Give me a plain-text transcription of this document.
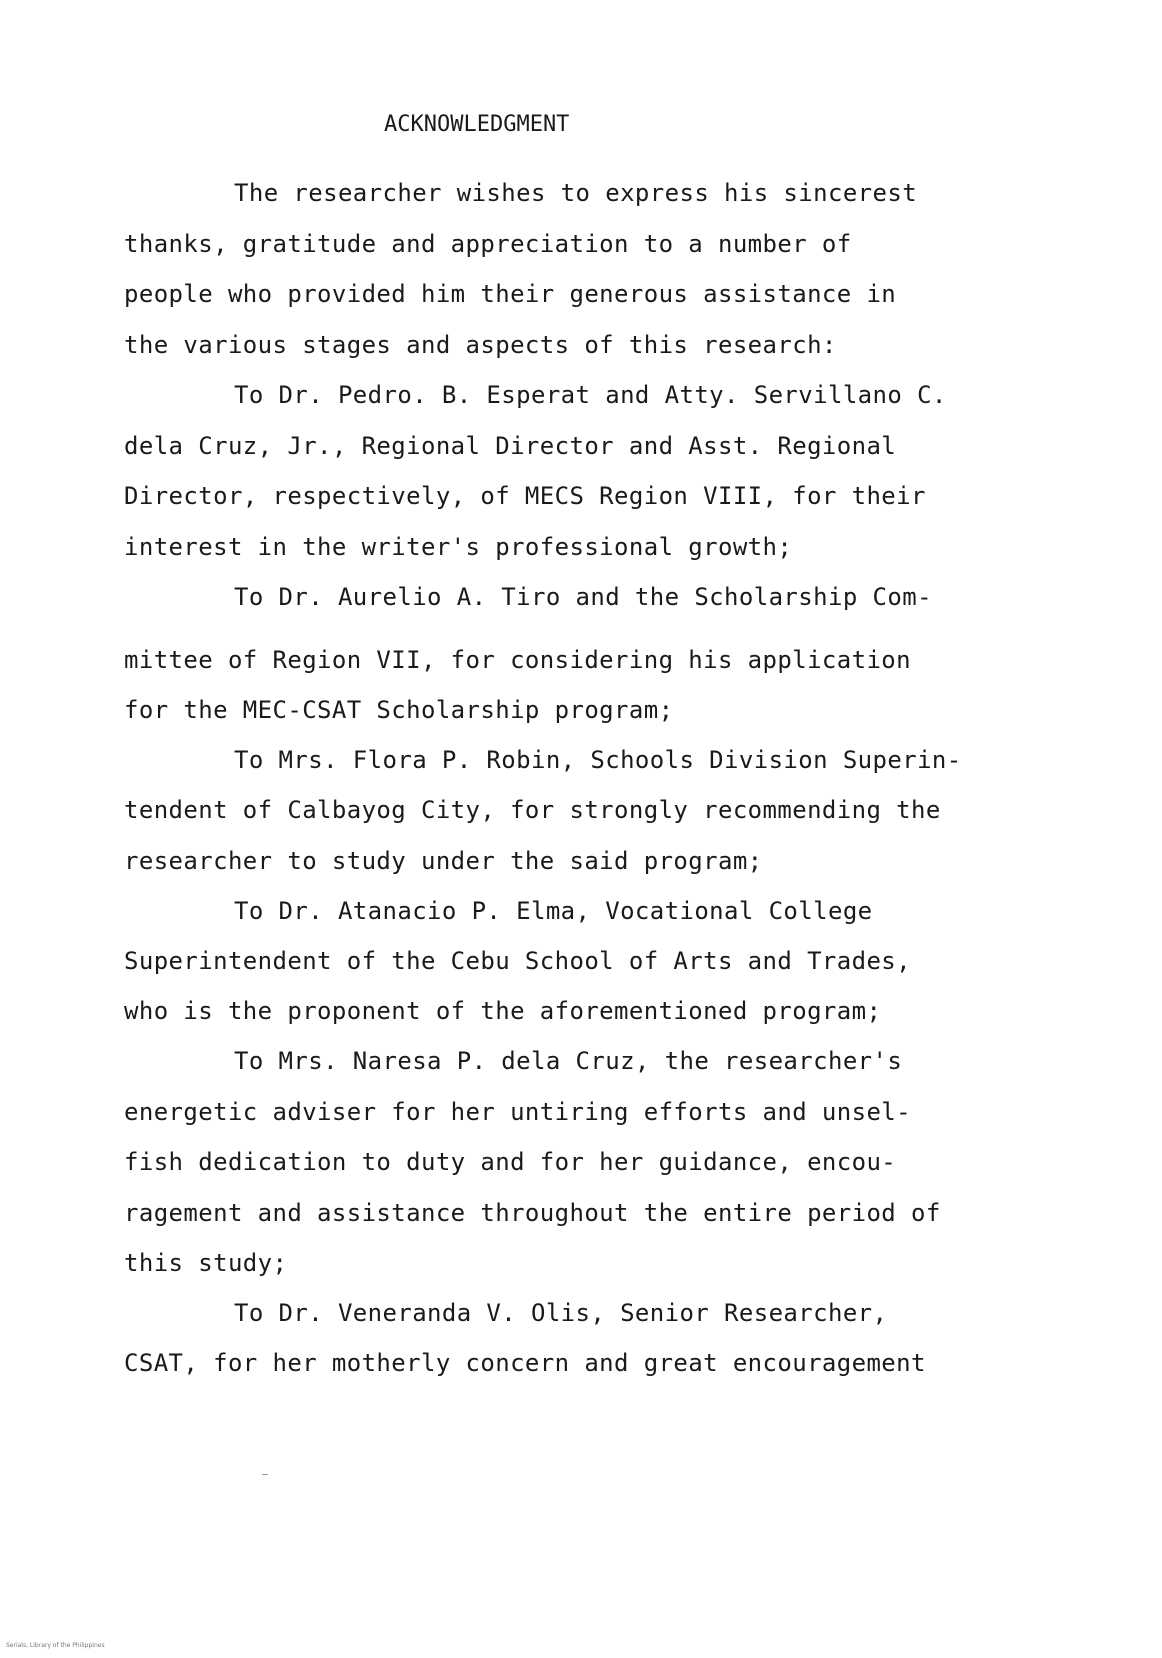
ACKNOWLEDGMENT
The researcher wishes to express his sincerest
thanks, gratitude and appreciation to a number of
people who provided him their generous assistance in
the various stages and aspects of this research:
To Dr. Pedro. B. Esperat and Atty. Servillano C.
dela Cruz, Jr., Regional Director and Asst. Regional
Director, respectively, of MECS Region VIII, for their
interest in the writer's professional growth;
To Dr. Aurelio A. Tiro and the Scholarship Com-
mittee of Region VII, for considering his application
for the MEC-CSAT Scholarship program;
To Mrs. Flora P. Robin, Schools Division Superin-
tendent of Calbayog City, for strongly recommending the
researcher to study under the said program;
To Dr. Atanacio P. Elma, Vocational College
Superintendent of the Cebu School of Arts and Trades,
who is the proponent of the aforementioned program;
To Mrs. Naresa P. dela Cruz, the researcher's
energetic adviser for her untiring efforts and unsel-
fish dedication to duty and for her guidance, encou-
ragement and assistance throughout the entire period of
this study;
To Dr. Veneranda V. Olis, Senior Researcher,
CSAT, for her motherly concern and great encouragement
Serials, Library of the Philippines
